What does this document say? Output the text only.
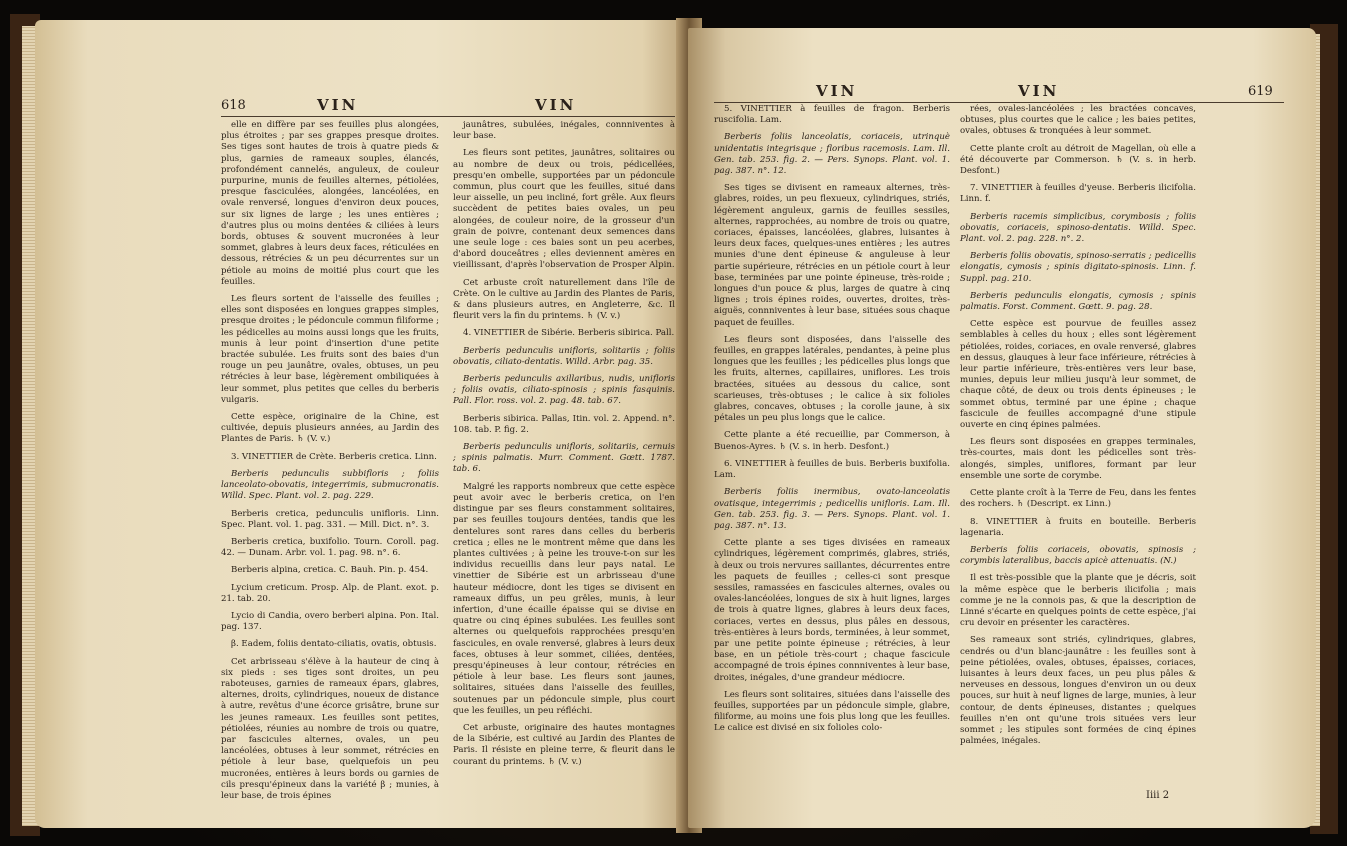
618	VIN	VIN

elle en diffère par ses feuilles plus alongées, plus étroites ; par ses grappes presque droites. Ses tiges sont hautes de trois à quatre pieds & plus, garnies de rameaux souples, élancés, profondément cannelés, anguleux, de couleur purpurine, munis de feuilles alternes, pétiolées, presque fasciculées, alongées, lancéolées, en ovale renversé, longues d'environ deux pouces, sur six lignes de large ; les unes entières ; d'autres plus ou moins dentées & ciliées à leurs bords, obtuses & souvent mucronées à leur sommet, glabres à leurs deux faces, réticulées en dessous, rétrécies & un peu décurrentes sur un pétiole au moins de moitié plus court que les feuilles.

Les fleurs sortent de l'aisselle des feuilles ; elles sont disposées en longues grappes simples, presque droites ; le pédoncule commun filiforme ; les pédicelles au moins aussi longs que les fruits, munis à leur point d'insertion d'une petite bractée subulée. Les fruits sont des baies d'un rouge un peu jaunâtre, ovales, obtuses, un peu rétrécies à leur base, légèrement ombiliquées à leur sommet, plus petites que celles du berberis vulgaris.

Cette espèce, originaire de la Chine, est cultivée, depuis plusieurs années, au Jardin des Plantes de Paris. ♄ (V. v.)

3. VINETTIER de Crète. Berberis cretica. Linn.

Berberis pedunculis subbifloris ; foliis lanceolato-obovatis, integerrimis, submucronatis. Willd. Spec. Plant. vol. 2. pag. 229.

Berberis cretica, pedunculis unifloris. Linn. Spec. Plant. vol. 1. pag. 331. — Mill. Dict. n°. 3.

Berberis cretica, buxifolio. Tourn. Coroll. pag. 42. — Dunam. Arbr. vol. 1. pag. 98. n°. 6.

Berberis alpina, cretica. C. Bauh. Pin. p. 454.

Lycium creticum. Prosp. Alp. de Plant. exot. p. 21. tab. 20.

Lycio di Candia, overo berberi alpina. Pon. Ital. pag. 137.

β. Eadem, foliis dentato-ciliatis, ovatis, obtusis.

Cet arbrisseau s'élève à la hauteur de cinq à six pieds : ses tiges sont droites, un peu raboteuses, garnies de rameaux épars, glabres, alternes, droits, cylindriques, noueux de distance à autre, revêtus d'une écorce grisâtre, brune sur les jeunes rameaux. Les feuilles sont petites, pétiolées, réunies au nombre de trois ou quatre, par fascicules alternes, ovales, un peu lancéolées, obtuses à leur sommet, rétrécies en pétiole à leur base, quelquefois un peu mucronées, entières à leurs bords ou garnies de cils presqu'épineux dans la variété β ; munies, à leur base, de trois épines

jaunâtres, subulées, inégales, connniventes à leur base.

Les fleurs sont petites, jaunâtres, solitaires ou au nombre de deux ou trois, pédicellées, presqu'en ombelle, supportées par un pédoncule commun, plus court que les feuilles, situé dans leur aisselle, un peu incliné, fort grêle. Aux fleurs succèdent de petites baies ovales, un peu alongées, de couleur noire, de la grosseur d'un grain de poivre, contenant deux semences dans une seule loge : ces baies sont un peu acerbes, d'abord douceâtres ; elles deviennent amères en vieillissant, d'après l'observation de Prosper Alpin.

Cet arbuste croît naturellement dans l'île de Crète. On le cultive au Jardin des Plantes de Paris, & dans plusieurs autres, en Angleterre, &c. Il fleurit vers la fin du printems. ♄ (V. v.)

4. VINETTIER de Sibérie. Berberis sibirica. Pall.

Berberis pedunculis unifloris, solitariis ; foliis obovatis, ciliato-dentatis. Willd. Arbr. pag. 35.

Berberis pedunculis axillaribus, nudis, unifloris ; foliis ovatis, ciliato-spinosis ; spinis fasquinis. Pall. Flor. ross. vol. 2. pag. 48. tab. 67.

Berberis sibirica. Pallas, Itin. vol. 2. Append. n°. 108. tab. P. fig. 2.

Berberis pedunculis unifloris, solitariis, cernuis ; spinis palmatis. Murr. Comment. Gœtt. 1787. tab. 6.

Malgré les rapports nombreux que cette espèce peut avoir avec le berberis cretica, on l'en distingue par ses fleurs constamment solitaires, par ses feuilles toujours dentées, tandis que les dentelures sont rares dans celles du berberis cretica ; elles ne le montrent même que dans les plantes cultivées ; à peine les trouve-t-on sur les individus recueillis dans leur pays natal. Le vinettier de Sibérie est un arbrisseau d'une hauteur médiocre, dont les tiges se divisent en rameaux diffus, un peu grêles, munis, à leur infertion, d'une écaille épaisse qui se divise en quatre ou cinq épines subulées. Les feuilles sont alternes ou quelquefois rapprochées presqu'en fascicules, en ovale renversé, glabres à leurs deux faces, obtuses à leur sommet, ciliées, dentées, presqu'épineuses à leur contour, rétrécies en pétiole à leur base. Les fleurs sont jaunes, solitaires, situées dans l'aisselle des feuilles, soutenues par un pédoncule simple, plus court que les feuilles, un peu réfléchi.

Cet arbuste, originaire des hautes montagnes de la Sibérie, est cultivé au Jardin des Plantes de Paris. Il résiste en pleine terre, & fleurit dans le courant du printems. ♄ (V. v.)

VIN	VIN	619

5. VINETTIER à feuilles de fragon. Berberis ruscifolia. Lam.

Berberis foliis lanceolatis, coriaceis, utrinquè unidentatis integrisque ; floribus racemosis. Lam. Ill. Gen. tab. 253. fig. 2. — Pers. Synops. Plant. vol. 1. pag. 387. n°. 12.

Ses tiges se divisent en rameaux alternes, très-glabres, roides, un peu flexueux, cylindriques, striés, légèrement anguleux, garnis de feuilles sessiles, alternes, rapprochées, au nombre de trois ou quatre, coriaces, épaisses, lancéolées, glabres, luisantes à leurs deux faces, quelques-unes entières ; les autres munies d'une dent épineuse & anguleuse à leur partie supérieure, rétrécies en un pétiole court à leur base, terminées par une pointe épineuse, très-roide ; longues d'un pouce & plus, larges de quatre à cinq lignes ; trois épines roides, ouvertes, droites, très-aiguës, connniventes à leur base, situées sous chaque paquet de feuilles.

Les fleurs sont disposées, dans l'aisselle des feuilles, en grappes latérales, pendantes, à peine plus longues que les feuilles ; les pédicelles plus longs que les fruits, alternes, capillaires, uniflores. Les trois bractées, situées au dessous du calice, sont scarieuses, très-obtuses ; le calice à six folioles glabres, concaves, obtuses ; la corolle jaune, à six pétales un peu plus longs que le calice.

Cette plante a été recueillie, par Commerson, à Buenos-Ayres. ♄ (V. s. in herb. Desfont.)

6. VINETTIER à feuilles de buis. Berberis buxifolia. Lam.

Berberis foliis inermibus, ovato-lanceolatis ovatisque, integerrimis ; pedicellis unifloris. Lam. Ill. Gen. tab. 253. fig. 3. — Pers. Synops. Plant. vol. 1. pag. 387. n°. 13.

Cette plante a ses tiges divisées en rameaux cylindriques, légèrement comprimés, glabres, striés, à deux ou trois nervures saillantes, décurrentes entre les paquets de feuilles ; celles-ci sont presque sessiles, ramassées en fascicules alternes, ovales ou ovales-lancéolées, longues de six à huit lignes, larges de trois à quatre lignes, glabres à leurs deux faces, coriaces, vertes en dessus, plus pâles en dessous, très-entières à leurs bords, terminées, à leur sommet, par une petite pointe épineuse ; rétrécies, à leur base, en un pétiole très-court ; chaque fascicule accompagné de trois épines connniventes à leur base, droites, inégales, d'une grandeur médiocre.

Les fleurs sont solitaires, situées dans l'aisselle des feuilles, supportées par un pédoncule simple, glabre, filiforme, au moins une fois plus long que les feuilles. Le calice est divisé en six folioles colo-

rées, ovales-lancéolées ; les bractées concaves, obtuses, plus courtes que le calice ; les baies petites, ovales, obtuses & tronquées à leur sommet.

Cette plante croît au détroit de Magellan, où elle a été découverte par Commerson. ♄ (V. s. in herb. Desfont.)

7. VINETTIER à feuilles d'yeuse. Berberis ilicifolia. Linn. f.

Berberis racemis simplicibus, corymbosis ; foliis obovatis, coriaceis, spinoso-dentatis. Willd. Spec. Plant. vol. 2. pag. 228. n°. 2.

Berberis foliis obovatis, spinoso-serratis ; pedicellis elongatis, cymosis ; spinis digitato-spinosis. Linn. f. Suppl. pag. 210.

Berberis pedunculis elongatis, cymosis ; spinis palmatis. Forst. Comment. Gœtt. 9. pag. 28.

Cette espèce est pourvue de feuilles assez semblables à celles du houx ; elles sont légèrement pétiolées, roides, coriaces, en ovale renversé, glabres en dessus, glauques à leur face inférieure, rétrécies à leur partie inférieure, très-entières vers leur base, munies, depuis leur milieu jusqu'à leur sommet, de chaque côté, de deux ou trois dents épineuses ; le sommet obtus, terminé par une épine ; chaque fascicule de feuilles accompagné d'une stipule ouverte en cinq épines palmées.

Les fleurs sont disposées en grappes terminales, très-courtes, mais dont les pédicelles sont très-alongés, simples, uniflores, formant par leur ensemble une sorte de corymbe.

Cette plante croît à la Terre de Feu, dans les fentes des rochers. ♄ (Descript. ex Linn.)

8. VINETTIER à fruits en bouteille. Berberis lagenaria.

Berberis foliis coriaceis, obovatis, spinosis ; corymbis lateralibus, baccis apicè attenuatis. (N.)

Il est très-possible que la plante que je décris, soit la même espèce que le berberis ilicifolia ; mais comme je ne la connois pas, & que la description de Linné s'écarte en quelques points de cette espèce, j'ai cru devoir en présenter les caractères.

Ses rameaux sont striés, cylindriques, glabres, cendrés ou d'un blanc-jaunâtre : les feuilles sont à peine pétiolées, ovales, obtuses, épaisses, coriaces, luisantes à leurs deux faces, un peu plus pâles & nerveuses en dessous, longues d'environ un ou deux pouces, sur huit à neuf lignes de large, munies, à leur contour, de dents épineuses, distantes ; quelques feuilles n'en ont qu'une trois situées vers leur sommet ; les stipules sont formées de cinq épines palmées, inégales.

Iiii 2
